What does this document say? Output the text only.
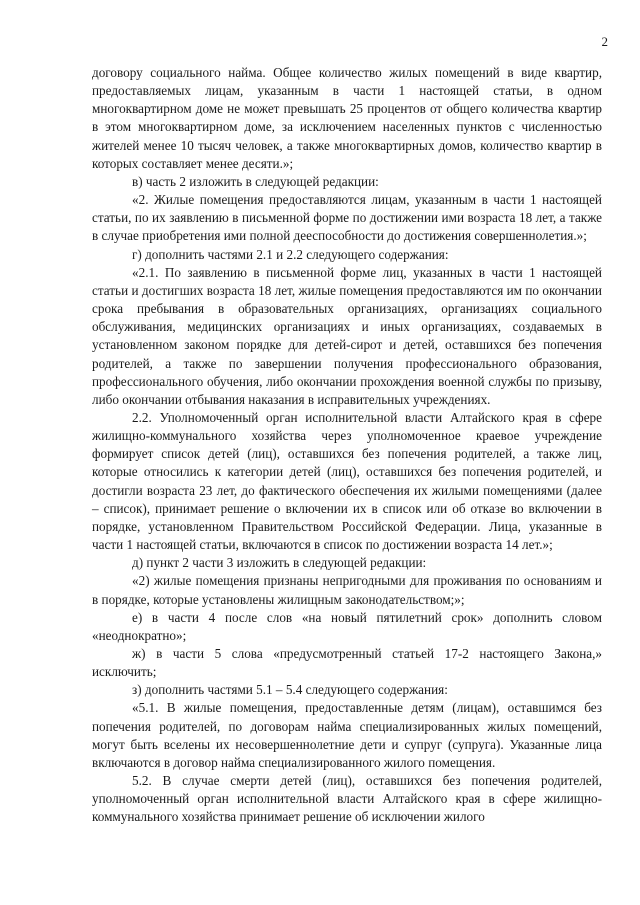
2

договору социального найма. Общее количество жилых помещений в виде квартир, предоставляемых лицам, указанным в части 1 настоящей статьи, в одном многоквартирном доме не может превышать 25 процентов от общего количества квартир в этом многоквартирном доме, за исключением населенных пунктов с численностью жителей менее 10 тысяч человек, а также многоквартирных домов, количество квартир в которых составляет менее десяти.»;

в) часть 2 изложить в следующей редакции:

«2. Жилые помещения предоставляются лицам, указанным в части 1 настоящей статьи, по их заявлению в письменной форме по достижении ими возраста 18 лет, а также в случае приобретения ими полной дееспособности до достижения совершеннолетия.»;

г) дополнить частями 2.1 и 2.2 следующего содержания:

«2.1. По заявлению в письменной форме лиц, указанных в части 1 настоящей статьи и достигших возраста 18 лет, жилые помещения предоставляются им по окончании срока пребывания в образовательных организациях, организациях социального обслуживания, медицинских организациях и иных организациях, создаваемых в установленном законом порядке для детей-сирот и детей, оставшихся без попечения родителей, а также по завершении получения профессионального образования, профессионального обучения, либо окончании прохождения военной службы по призыву, либо окончании отбывания наказания в исправительных учреждениях.

2.2. Уполномоченный орган исполнительной власти Алтайского края в сфере жилищно-коммунального хозяйства через уполномоченное краевое учреждение формирует список детей (лиц), оставшихся без попечения родителей, а также лиц, которые относились к категории детей (лиц), оставшихся без попечения родителей, и достигли возраста 23 лет, до фактического обеспечения их жилыми помещениями (далее – список), принимает решение о включении их в список или об отказе во включении в порядке, установленном Правительством Российской Федерации. Лица, указанные в части 1 настоящей статьи, включаются в список по достижении возраста 14 лет.»;

д) пункт 2 части 3 изложить в следующей редакции:

«2) жилые помещения признаны непригодными для проживания по основаниям и в порядке, которые установлены жилищным законодательством;»;

е) в части 4 после слов «на новый пятилетний срок» дополнить словом «неоднократно»;

ж) в части 5 слова «предусмотренный статьей 17-2 настоящего Закона,» исключить;

з) дополнить частями 5.1 – 5.4 следующего содержания:

«5.1. В жилые помещения, предоставленные детям (лицам), оставшимся без попечения родителей, по договорам найма специализированных жилых помещений, могут быть вселены их несовершеннолетние дети и супруг (супруга). Указанные лица включаются в договор найма специализированного жилого помещения.

5.2. В случае смерти детей (лиц), оставшихся без попечения родителей, уполномоченный орган исполнительной власти Алтайского края в сфере жилищно-коммунального хозяйства принимает решение об исключении жилого
